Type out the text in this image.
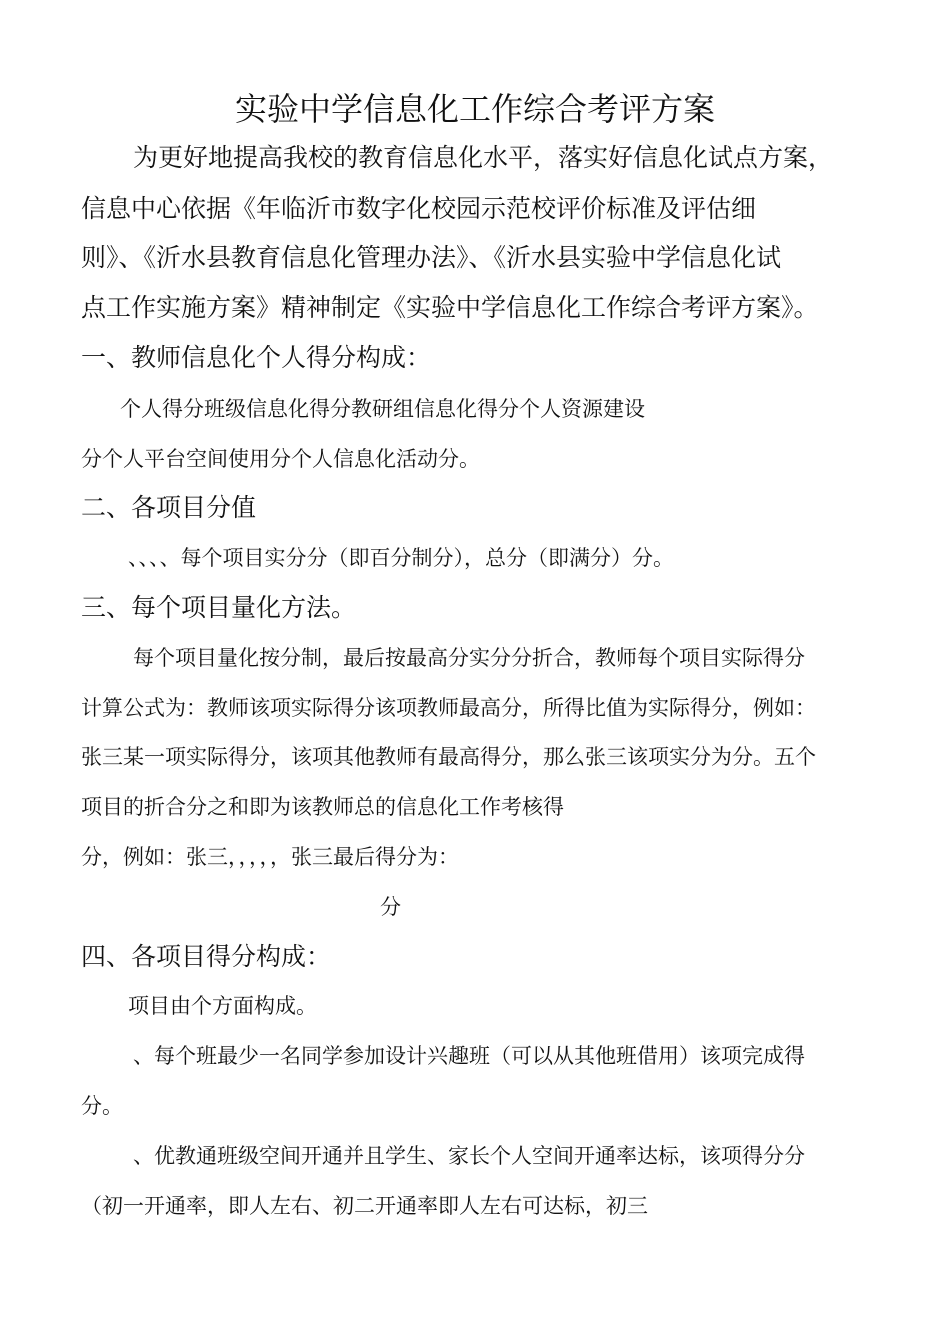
实验中学信息化工作综合考评方案
为更好地提高我校的教育信息化水平，落实好信息化试点方案，
信息中心依据《年临沂市数字化校园示范校评价标准及评估细
则》、《沂水县教育信息化管理办法》、《沂水县实验中学信息化试
点工作实施方案》精神制定《实验中学信息化工作综合考评方案》。
一、教师信息化个人得分构成：
个人得分班级信息化得分教研组信息化得分个人资源建设
分个人平台空间使用分个人信息化活动分。
二、各项目分值
、、、、每个项目实分分（即百分制分），总分（即满分）分。
三、每个项目量化方法。
每个项目量化按分制，最后按最高分实分分折合，教师每个项目实际得分
计算公式为：教师该项实际得分该项教师最高分，所得比值为实际得分，例如：
张三某一项实际得分，该项其他教师有最高得分，那么张三该项实分为分。五个
项目的折合分之和即为该教师总的信息化工作考核得
分，例如：张三，，，，，张三最后得分为：
分
四、各项目得分构成：
项目由个方面构成。
、每个班最少一名同学参加设计兴趣班（可以从其他班借用）该项完成得
分。
、优教通班级空间开通并且学生、家长个人空间开通率达标，该项得分分
（初一开通率，即人左右、初二开通率即人左右可达标，初三
